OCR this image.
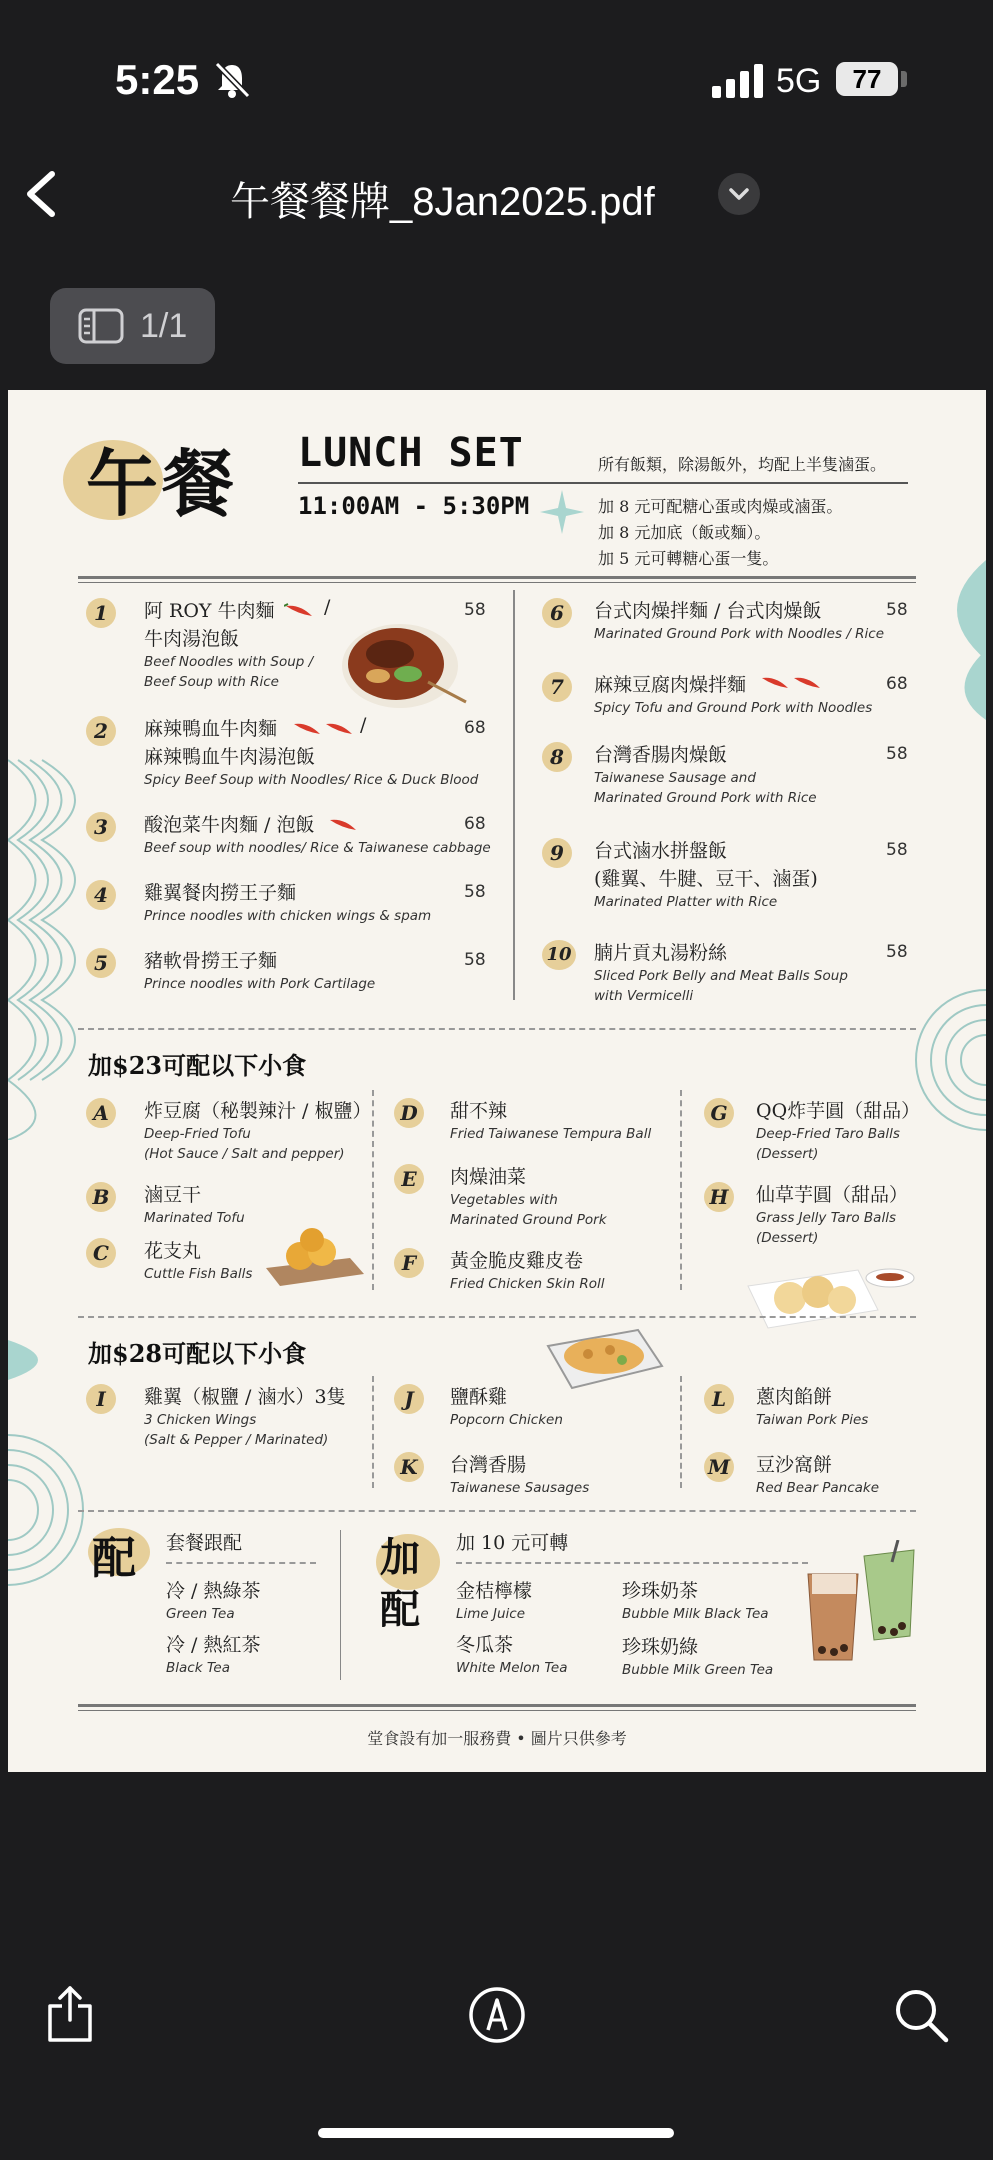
5:25	5G	77
午餐餐牌_8Jan2025.pdf
1/1
午餐 LUNCH SET
11:00AM - 5:30PM
所有飯類，除湯飯外，均配上半隻滷蛋。
加 8 元可配糖心蛋或肉燥或滷蛋。
加 8 元加底（飯或麵）。
加 5 元可轉糖心蛋一隻。
1	阿 ROY 牛肉麵
牛肉湯泡飯
Beef Noodles with Soup /
Beef Soup with Rice
58
/
2	麻辣鴨血牛肉麵
麻辣鴨血牛肉湯泡飯
Spicy Beef Soup with Noodles/ Rice & Duck Blood
68
/
3	酸泡菜牛肉麵 / 泡飯
Beef soup with noodles/ Rice & Taiwanese cabbage
68
4	雞翼餐肉撈王子麵
Prince noodles with chicken wings & spam
58
5	豬軟骨撈王子麵
Prince noodles with Pork Cartilage
58
6	台式肉燥拌麵 / 台式肉燥飯
Marinated Ground Pork with Noodles / Rice
58
7	麻辣豆腐肉燥拌麵
Spicy Tofu and Ground Pork with Noodles
68
8	台灣香腸肉燥飯
Taiwanese Sausage and
Marinated Ground Pork with Rice
58
9	台式滷水拼盤飯
(雞翼、牛腱、豆干、滷蛋)
Marinated Platter with Rice
58
10 腩片貢丸湯粉絲
Sliced Pork Belly and Meat Balls Soup
with Vermicelli
58
加$23可配以下小食
A	炸豆腐（秘製辣汁 / 椒鹽）
Deep-Fried Tofu
(Hot Sauce / Salt and pepper)
B	滷豆干
Marinated Tofu
C	花支丸
Cuttle Fish Balls
D	甜不辣
Fried Taiwanese Tempura Ball
E	肉燥油菜
Vegetables with
Marinated Ground Pork
F	黃金脆皮雞皮卷
Fried Chicken Skin Roll
G	QQ炸芋圓（甜品）
Deep-Fried Taro Balls
(Dessert)
H 仙草芋圓（甜品）
Grass Jelly Taro Balls
(Dessert)
加$28可配以下小食
I	雞翼（椒鹽 / 滷水）3隻
3 Chicken Wings
(Salt & Pepper / Marinated)
J	鹽酥雞
Popcorn Chicken
K	台灣香腸
Taiwanese Sausages
L	蔥肉餡餅
Taiwan Pork Pies
M 豆沙窩餅
Red Bear Pancake
配 套餐跟配
冷 / 熱綠茶
Green Tea
冷 / 熱紅茶
Black Tea
加
配
加 10 元可轉
金桔檸檬
Lime Juice
冬瓜茶
White Melon Tea
珍珠奶茶
Bubble Milk Black Tea
珍珠奶綠
Bubble Milk Green Tea
堂食設有加一服務費 • 圖片只供參考
